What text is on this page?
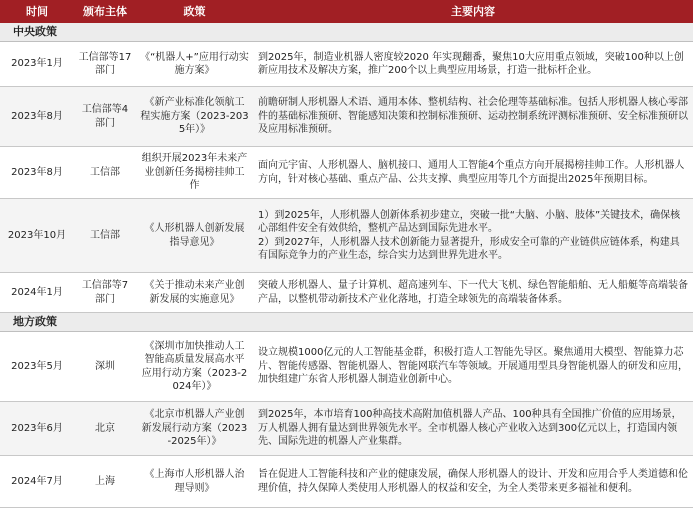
时间	颁布主体	政策	主要内容
中央政策			
2023年1月	工信部等17部门	《“机器人+”应用行动实施方案》	到2025年，制造业机器人密度较2020 年实现翻番，聚焦10大应用重点领域，突破100种以上创新应用技术及解决方案，推广200个以上典型应用场景，打造一批标杆企业。
2023年8月	工信部等4部门	《新产业标准化领航工程实施方案（2023-2035年）》	前瞻研制人形机器人术语、通用本体、整机结构、社会伦理等基础标准。包括人形机器人核心零部件的基础标准预研、智能感知决策和控制标准预研、运动控制系统评测标准预研、安全标准预研以及应用标准预研。
2023年8月	工信部	组织开展2023年未来产业创新任务揭榜挂帅工作	面向元宇宙、人形机器人、脑机接口、通用人工智能4个重点方向开展揭榜挂帅工作。人形机器人方向，针对核心基础、重点产品、公共支撑、典型应用等几个方面提出2025年预期目标。
2023年10月	工信部	《人形机器人创新发展指导意见》	1）到2025年，人形机器人创新体系初步建立，突破一批“大脑、小脑、肢体”关键技术，确保核心部组件安全有效供给，整机产品达到国际先进水平。
2）到2027年，人形机器人技术创新能力显著提升，形成安全可靠的产业链供应链体系，构建具有国际竞争力的产业生态，综合实力达到世界先进水平。

2024年1月	工信部等7部门	《关于推动未来产业创新发展的实施意见》	突破人形机器人、量子计算机、超高速列车、下一代大飞机、绿色智能船舶、无人船艇等高端装备产品，以整机带动新技术产业化落地，打造全球领先的高端装备体系。
地方政策			
2023年5月	深圳	《深圳市加快推动人工智能高质量发展高水平应用行动方案（2023-2024年）》	设立规模1000亿元的人工智能基金群，积极打造人工智能先导区。聚焦通用大模型、智能算力芯片、智能传感器、智能机器人、智能网联汽车等领域。开展通用型具身智能机器人的研发和应用，加快组建广东省人形机器人制造业创新中心。
2023年6月	北京	《北京市机器人产业创新发展行动方案（2023-2025年）》	到2025年，本市培育100种高技术高附加值机器人产品、100种具有全国推广价值的应用场景，万人机器人拥有量达到世界领先水平。全市机器人核心产业收入达到300亿元以上，打造国内领先、国际先进的机器人产业集群。
2024年7月	上海	《上海市人形机器人治理导则》	旨在促进人工智能科技和产业的健康发展，确保人形机器人的设计、开发和应用合乎人类道德和伦理价值，持久保障人类使用人形机器人的权益和安全，为全人类带来更多福祉和便利。
